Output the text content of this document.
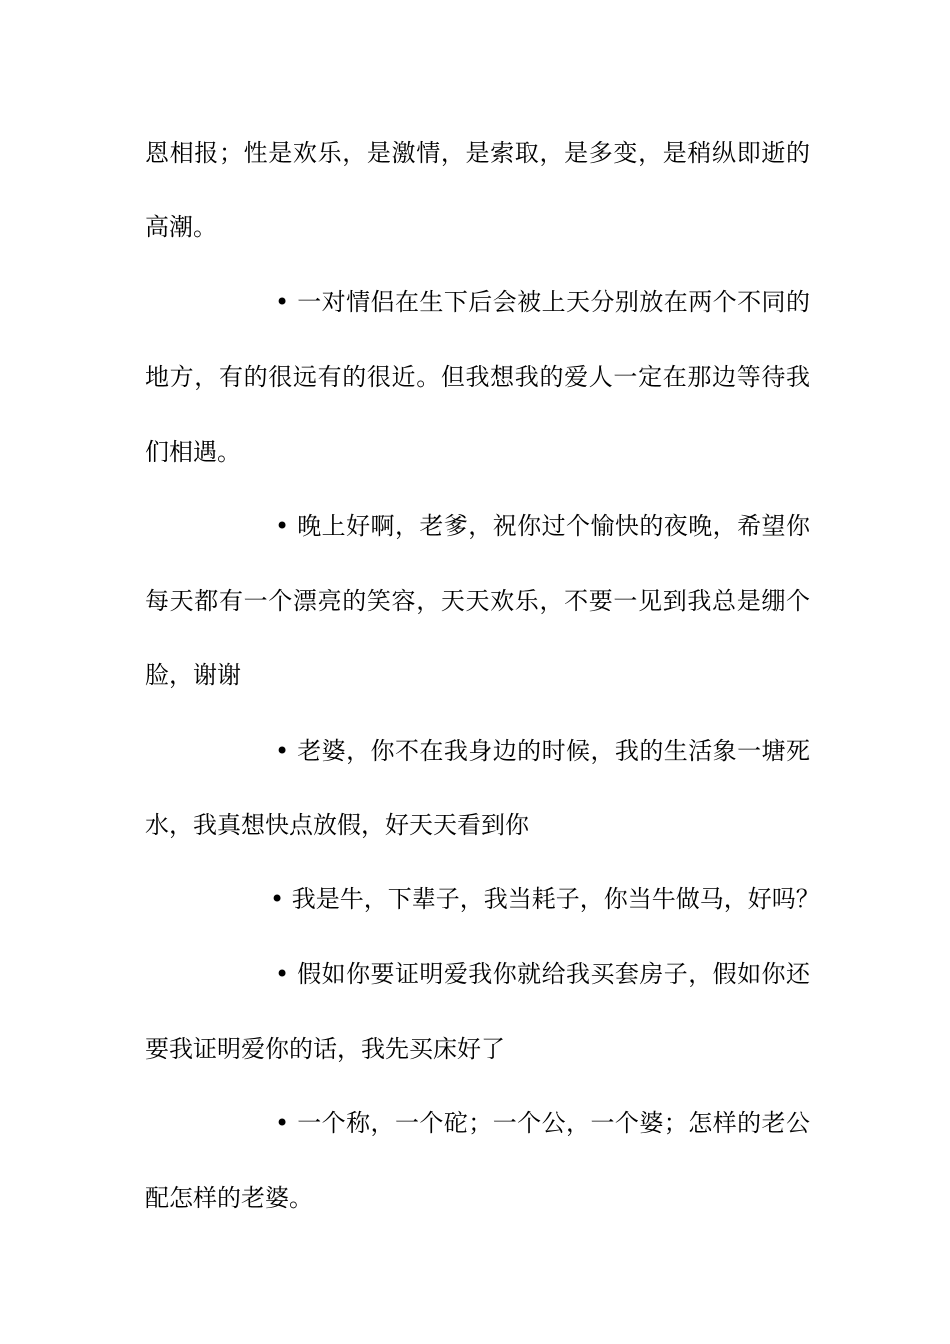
恩相报；性是欢乐，是激情，是索取，是多变，是稍纵即逝的
高潮。
• 一对情侣在生下后会被上天分别放在两个不同的
地方，有的很远有的很近。但我想我的爱人一定在那边等待我
们相遇。
• 晚上好啊，老爹，祝你过个愉快的夜晚，希望你
每天都有一个漂亮的笑容，天天欢乐，不要一见到我总是绷个
脸，谢谢
• 老婆，你不在我身边的时候，我的生活象一塘死
水，我真想快点放假，好天天看到你
• 我是牛，下辈子，我当耗子，你当牛做马，好吗？
• 假如你要证明爱我你就给我买套房子，假如你还
要我证明爱你的话，我先买床好了
• 一个称，一个砣；一个公，一个婆；怎样的老公
配怎样的老婆。
